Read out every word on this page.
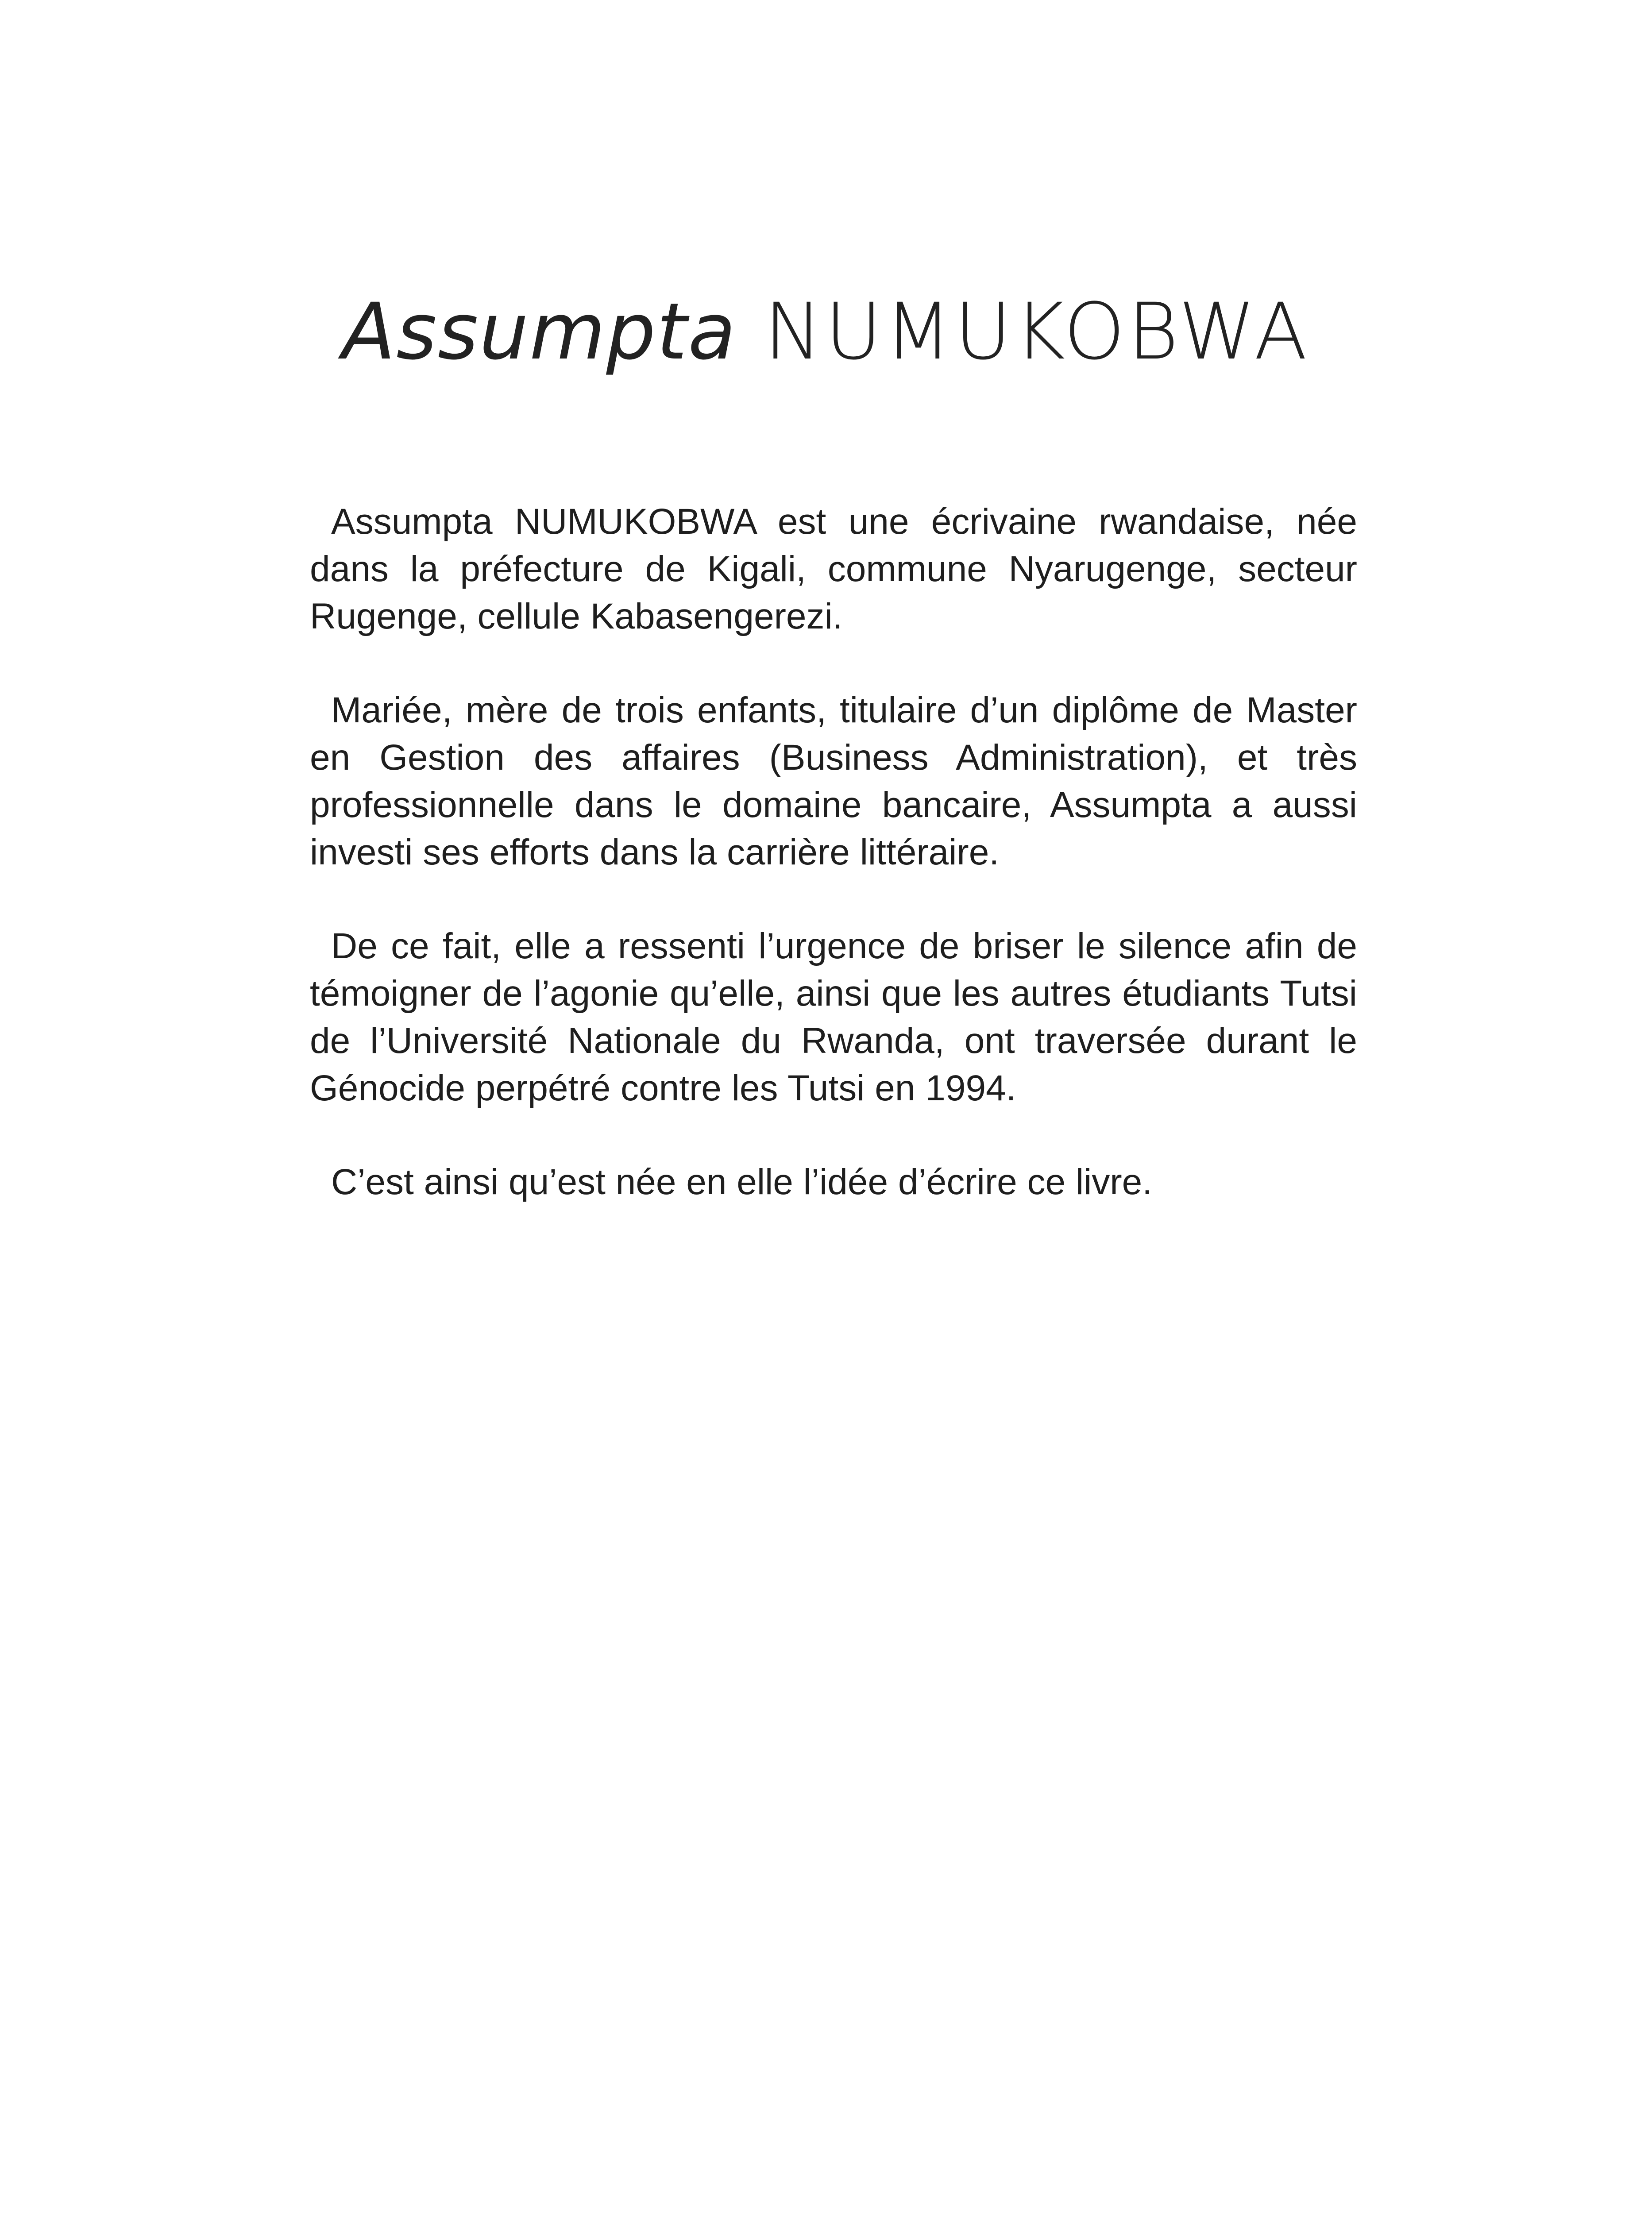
Assumpta NUMUKOBWA

Assumpta NUMUKOBWA est une écrivaine rwandaise, née dans la préfecture de Kigali, commune Nyarugenge, secteur Rugenge, cellule Kabasengerezi.

Mariée, mère de trois enfants, titulaire d’un diplôme de Master en Gestion des affaires (Business Administration), et très professionnelle dans le domaine bancaire, Assumpta a aussi investi ses efforts dans la carrière littéraire.

De ce fait, elle a ressenti l’urgence de briser le silence afin de témoigner de l’agonie qu’elle, ainsi que les autres étudiants Tutsi de l’Université Nationale du Rwanda, ont traversée durant le Génocide perpétré contre les Tutsi en 1994.

C’est ainsi qu’est née en elle l’idée d’écrire ce livre.
